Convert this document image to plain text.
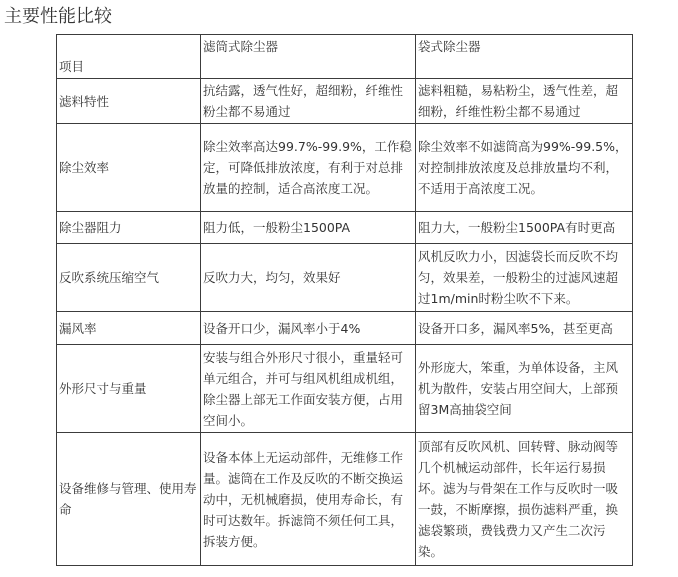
主要性能比较
项目	滤筒式除尘器	袋式除尘器
滤料特性	抗结露，透气性好，超细粉，纤维性粉尘都不易通过	滤料粗糙，易粘粉尘，透气性差，超细粉，纤维性粉尘都不易通过
除尘效率	除尘效率高达99.7%-99.9%，工作稳定，可降低排放浓度，有利于对总排放量的控制，适合高浓度工况。	除尘效率不如滤筒高为99%-99.5%，对控制排放浓度及总排放量均不利，不适用于高浓度工况。
除尘器阻力	阻力低，一般粉尘1500PA	阻力大，一般粉尘1500PA有时更高
反吹系统压缩空气	反吹力大，均匀，效果好	风机反吹力小，因滤袋长而反吹不均匀，效果差，一般粉尘的过滤风速超过1m/min时粉尘吹不下来。
漏风率	设备开口少，漏风率小于4%	设备开口多，漏风率5%，甚至更高
外形尺寸与重量	安装与组合外形尺寸很小，重量轻可单元组合，并可与组风机组成机组，除尘器上部无工作面安装方便，占用空间小。	外形庞大，笨重，为单体设备，主风机为散件，安装占用空间大，上部预留3M高抽袋空间
设备维修与管理、使用寿命	设备本体上无运动部件，无维修工作量。滤筒在工作及反吹的不断交换运动中，无机械磨损，使用寿命长，有时可达数年。拆滤筒不须任何工具，拆装方便。	顶部有反吹风机、回转臂、脉动阀等几个机械运动部件，长年运行易损坏。滤为与骨架在工作与反吹时一吸一鼓，不断摩擦，损伤滤料严重，换滤袋繁琐，费钱费力又产生二次污染。
